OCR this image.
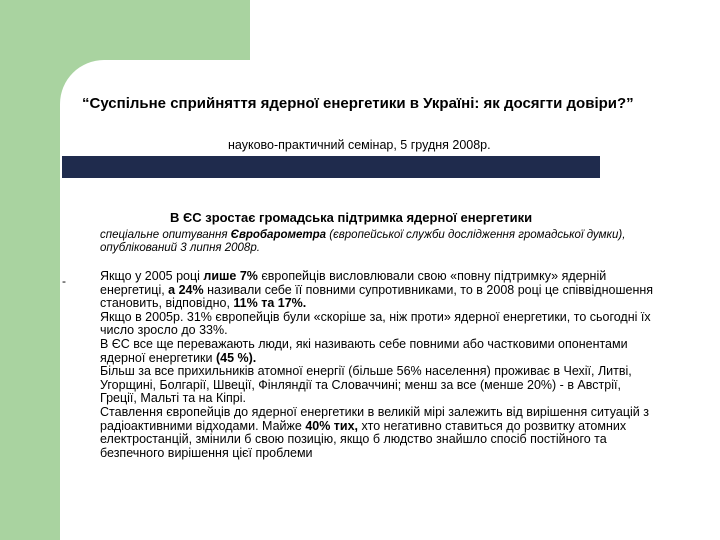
“Суспільне сприйняття ядерної енергетики в Україні: як досягти довіри?”
науково-практичний семінар, 5 грудня 2008р.
В ЄС зростає громадська підтримка ядерної енергетики
спеціальне опитування Євробарометра (європейської служби дослідження громадської думки), опублікований 3 липня 2008р.
-	Якщо у 2005 році лише 7% європейців висловлювали свою «повну підтримку» ядерній енергетиці, а 24% називали себе її повними супротивниками, то в 2008 році це співвідношення становить, відповідно, 11% та 17%.

Якщо в 2005р. 31% європейців були «скоріше за, ніж проти» ядерної енергетики, то сьогодні їх число зросло до 33%.

В ЄС все ще переважають люди, які називають себе повними або частковими опонентами ядерної енергетики (45 %).

Більш за все прихильників атомної енергії (більше 56% населення) проживає в Чехії, Литві, Угорщині, Болгарії, Швеції, Фінляндії та Словаччині; менш за все (менше 20%) - в Австрії, Греції, Мальті та на Кіпрі.

Ставлення європейців до ядерної енергетики в великій мірі залежить від вирішення ситуацій з радіоактивними відходами. Майже 40% тих, хто негативно ставиться до розвитку атомних електростанцій, змінили б свою позицію, якщо б людство знайшло спосіб постійного та безпечного вирішення цієї проблеми
